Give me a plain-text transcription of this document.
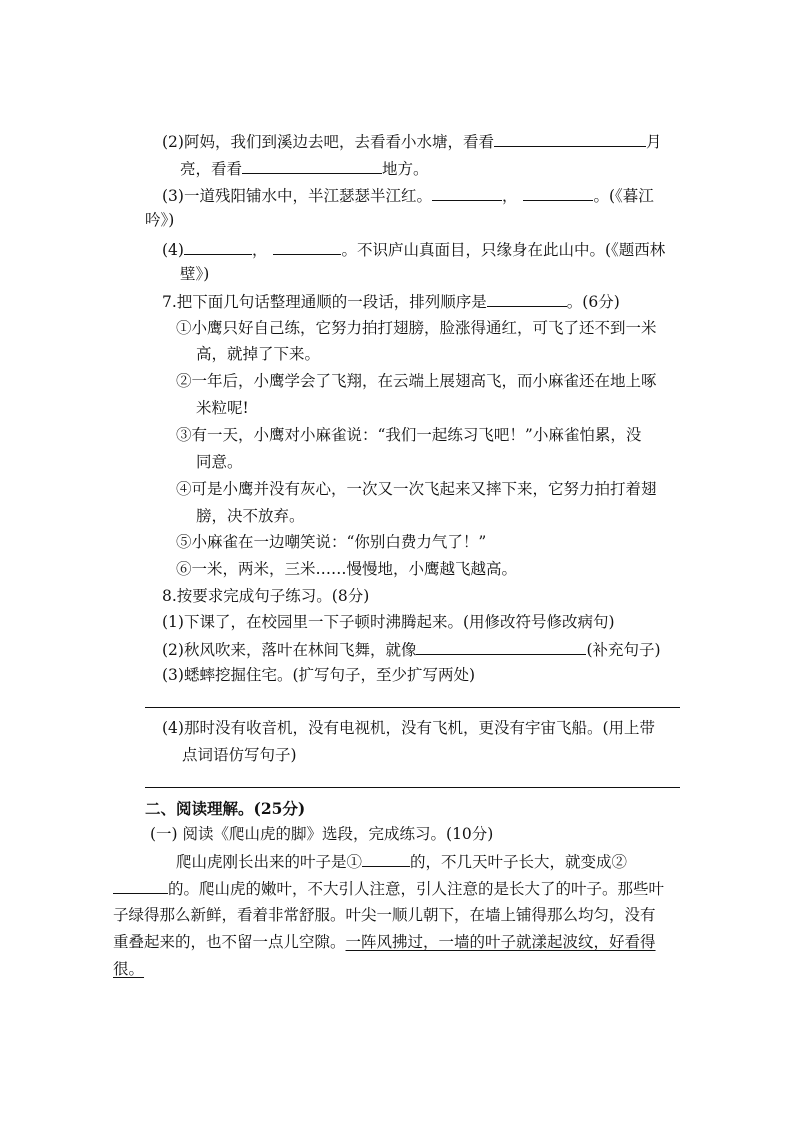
(2)阿妈，我们到溪边去吧，去看看小水塘，看看	月
亮，看看	地方。
(3)一道残阳铺水中，半江瑟瑟半江红。	，	。(《暮江
吟》)
(4)	，	。不识庐山真面目，只缘身在此山中。(《题西林
壁》)
7.把下面几句话整理通顺的一段话，排列顺序是	。(6分)
①小鹰只好自己练，它努力拍打翅膀，脸涨得通红，可飞了还不到一米
高，就掉了下来。
②一年后，小鹰学会了飞翔，在云端上展翅高飞，而小麻雀还在地上啄
米粒呢!
③有一天，小鹰对小麻雀说：“我们一起练习飞吧！”小麻雀怕累，没
同意。
④可是小鹰并没有灰心，一次又一次飞起来又摔下来，它努力拍打着翅
膀，决不放弃。
⑤小麻雀在一边嘲笑说：“你别白费力气了！”
⑥一米，两米，三米……慢慢地，小鹰越飞越高。
8.按要求完成句子练习。(8分)
(1)下课了，在校园里一下子顿时沸腾起来。(用修改符号修改病句)
(2)秋风吹来，落叶在林间飞舞，就像	(补充句子)
(3)蟋蟀挖掘住宅。(扩写句子，至少扩写两处)
(4)那时没有收音机，没有电视机，没有飞机，更没有宇宙飞船。(用上带
点词语仿写句子)
二、阅读理解。(25分)
(一) 阅读《爬山虎的脚》选段，完成练习。(10分)
爬山虎刚长出来的叶子是①	的，不几天叶子长大，就变成②
的。爬山虎的嫩叶，不大引人注意，引人注意的是长大了的叶子。那些叶
子绿得那么新鲜，看着非常舒服。叶尖一顺儿朝下，在墙上铺得那么均匀，没有
重叠起来的，也不留一点儿空隙。一阵风拂过，一墙的叶子就漾起波纹，好看得
很。
